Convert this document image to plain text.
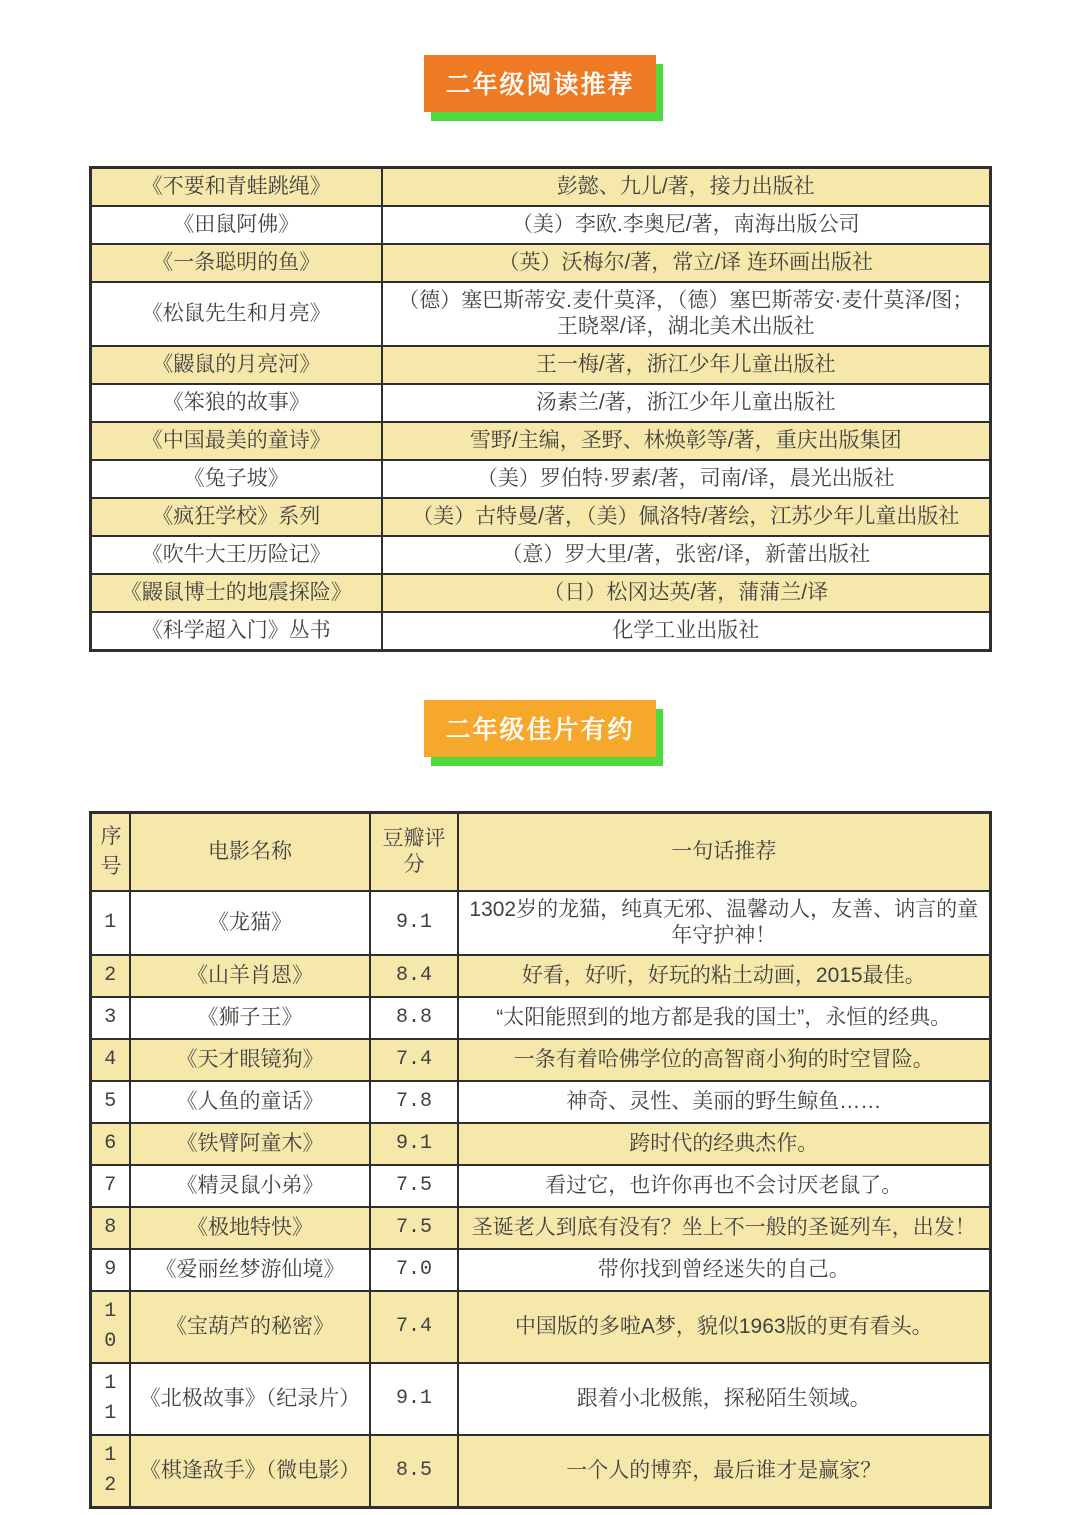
二年级阅读推荐
《不要和青蛙跳绳》	彭懿、九儿/著，接力出版社
《田鼠阿佛》	（美）李欧.李奥尼/著，南海出版公司
《一条聪明的鱼》	（英）沃梅尔/著，常立/译 连环画出版社
《松鼠先生和月亮》	（德）塞巴斯蒂安.麦什莫泽，（德）塞巴斯蒂安·麦什莫泽/图；王晓翠/译，湖北美术出版社
《鼹鼠的月亮河》	王一梅/著，浙江少年儿童出版社
《笨狼的故事》	汤素兰/著，浙江少年儿童出版社
《中国最美的童诗》	雪野/主编，圣野、林焕彰等/著，重庆出版集团
《兔子坡》	（美）罗伯特·罗素/著，司南/译，晨光出版社
《疯狂学校》系列	（美）古特曼/著，（美）佩洛特/著绘，江苏少年儿童出版社
《吹牛大王历险记》	（意）罗大里/著，张密/译，新蕾出版社
《鼹鼠博士的地震探险》	（日）松冈达英/著，蒲蒲兰/译
《科学超入门》丛书	化学工业出版社
二年级佳片有约
序号	电影名称	豆瓣评分	一句话推荐
1	《龙猫》	9.1	1302岁的龙猫，纯真无邪、温馨动人，友善、讷言的童年守护神！
2	《山羊肖恩》	8.4	好看，好听，好玩的粘土动画，2015最佳。
3	《狮子王》	8.8	“太阳能照到的地方都是我的国土”，永恒的经典。
4	《天才眼镜狗》	7.4	一条有着哈佛学位的高智商小狗的时空冒险。
5	《人鱼的童话》	7.8	神奇、灵性、美丽的野生鲸鱼……
6	《铁臂阿童木》	9.1	跨时代的经典杰作。
7	《精灵鼠小弟》	7.5	看过它，也许你再也不会讨厌老鼠了。
8	《极地特快》	7.5	圣诞老人到底有没有？坐上不一般的圣诞列车，出发！
9	《爱丽丝梦游仙境》	7.0	带你找到曾经迷失的自己。
10	《宝葫芦的秘密》	7.4	中国版的多啦A梦，貌似1963版的更有看头。
11	《北极故事》（纪录片）	9.1	跟着小北极熊，探秘陌生领域。
12	《棋逢敌手》（微电影）	8.5	一个人的博弈，最后谁才是赢家？
